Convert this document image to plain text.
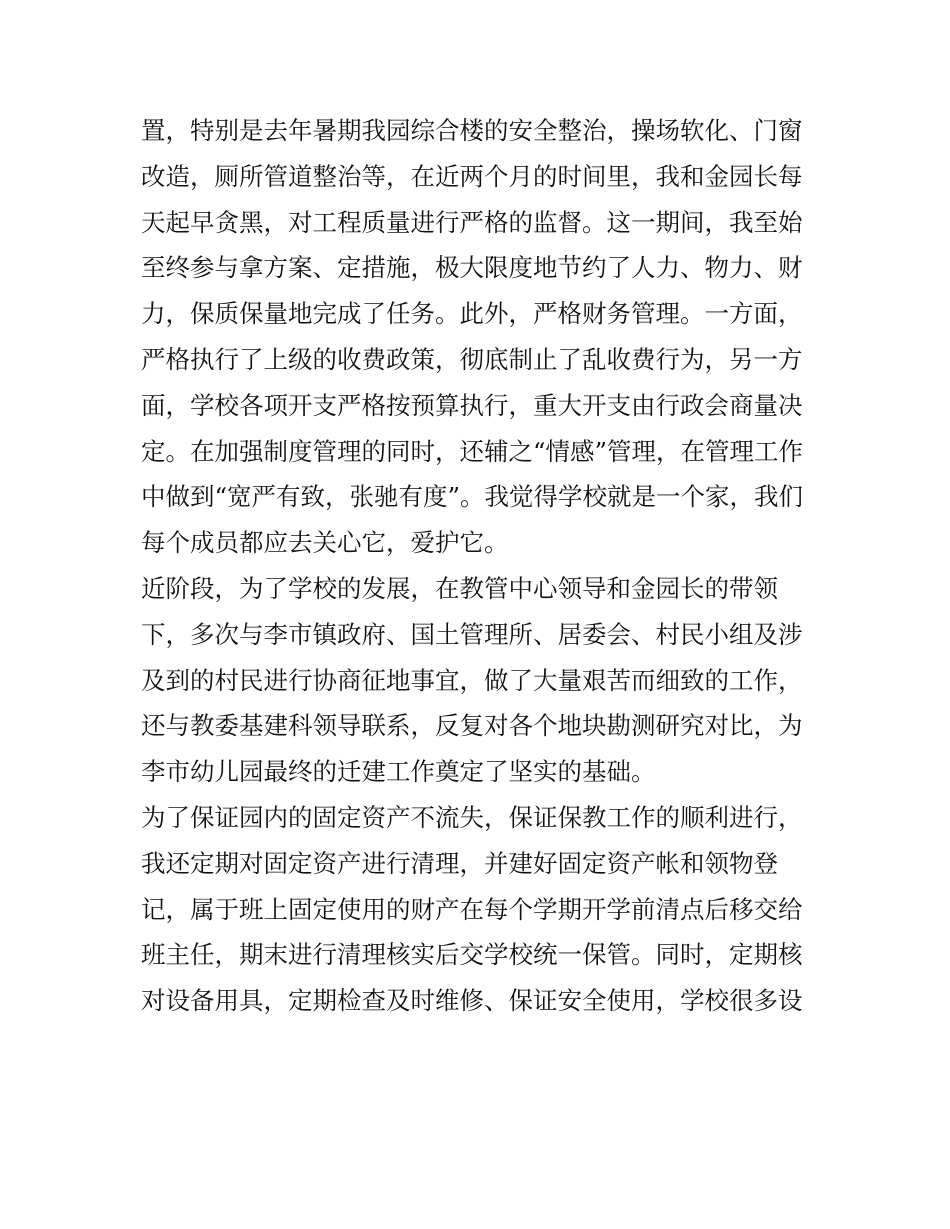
置，特别是去年暑期我园综合楼的安全整治，操场软化、门窗
改造，厕所管道整治等，在近两个月的时间里，我和金园长每
天起早贪黑，对工程质量进行严格的监督。这一期间，我至始
至终参与拿方案、定措施，极大限度地节约了人力、物力、财
力，保质保量地完成了任务。此外，严格财务管理。一方面，
严格执行了上级的收费政策，彻底制止了乱收费行为，另一方
面，学校各项开支严格按预算执行，重大开支由行政会商量决
定。在加强制度管理的同时，还辅之“情感”管理，在管理工作
中做到“宽严有致，张驰有度”。我觉得学校就是一个家，我们
每个成员都应去关心它，爱护它。
近阶段，为了学校的发展，在教管中心领导和金园长的带领
下，多次与李市镇政府、国土管理所、居委会、村民小组及涉
及到的村民进行协商征地事宜，做了大量艰苦而细致的工作，
还与教委基建科领导联系，反复对各个地块勘测研究对比，为
李市幼儿园最终的迁建工作奠定了坚实的基础。
为了保证园内的固定资产不流失，保证保教工作的顺利进行，
我还定期对固定资产进行清理，并建好固定资产帐和领物登
记，属于班上固定使用的财产在每个学期开学前清点后移交给
班主任，期末进行清理核实后交学校统一保管。同时，定期核
对设备用具，定期检查及时维修、保证安全使用，学校很多设
